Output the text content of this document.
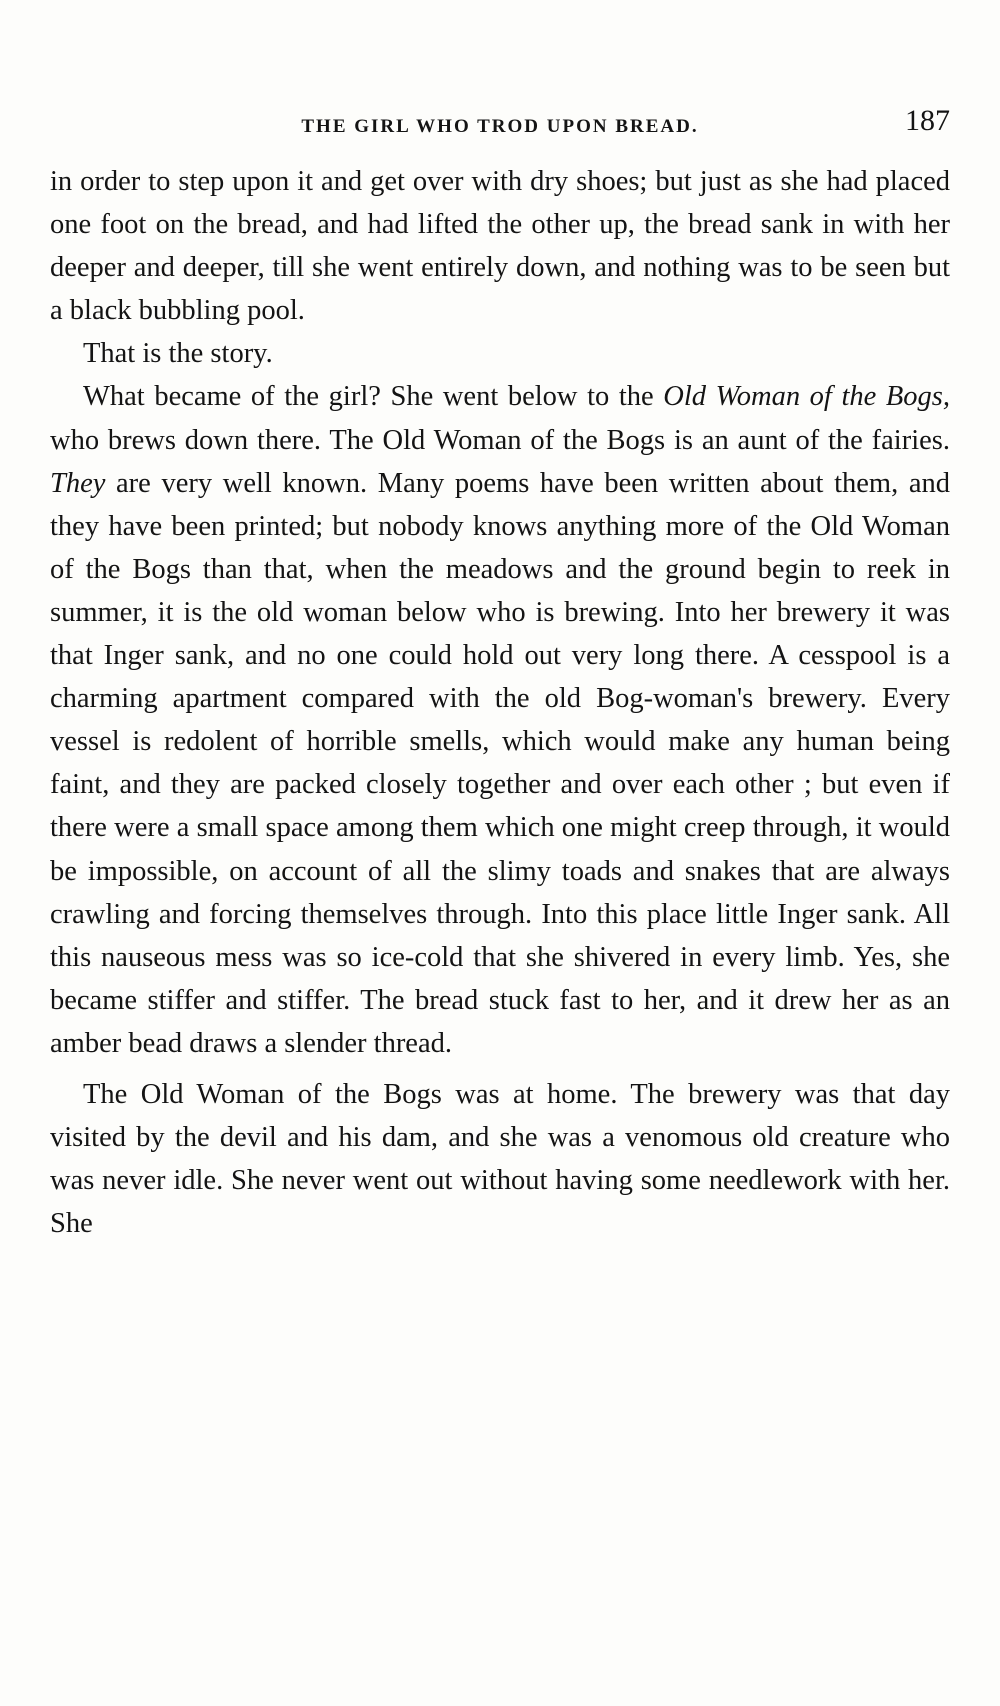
THE GIRL WHO TROD UPON BREAD.	187

in order to step upon it and get over with dry shoes; but just as she had placed one foot on the bread, and had lifted the other up, the bread sank in with her deeper and deeper, till she went entirely down, and nothing was to be seen but a black bubbling pool.

That is the story.

What became of the girl? She went below to the Old Woman of the Bogs, who brews down there. The Old Woman of the Bogs is an aunt of the fairies. They are very well known. Many poems have been written about them, and they have been printed; but nobody knows anything more of the Old Woman of the Bogs than that, when the meadows and the ground begin to reek in summer, it is the old woman below who is brewing. Into her brewery it was that Inger sank, and no one could hold out very long there. A cesspool is a charming apartment compared with the old Bog-woman's brewery. Every vessel is redolent of horrible smells, which would make any human being faint, and they are packed closely together and over each other ; but even if there were a small space among them which one might creep through, it would be impossible, on account of all the slimy toads and snakes that are always crawling and forcing themselves through. Into this place little Inger sank. All this nauseous mess was so ice-cold that she shivered in every limb. Yes, she became stiffer and stiffer. The bread stuck fast to her, and it drew her as an amber bead draws a slender thread.

The Old Woman of the Bogs was at home. The brewery was that day visited by the devil and his dam, and she was a venomous old creature who was never idle. She never went out without having some needlework with her. She
